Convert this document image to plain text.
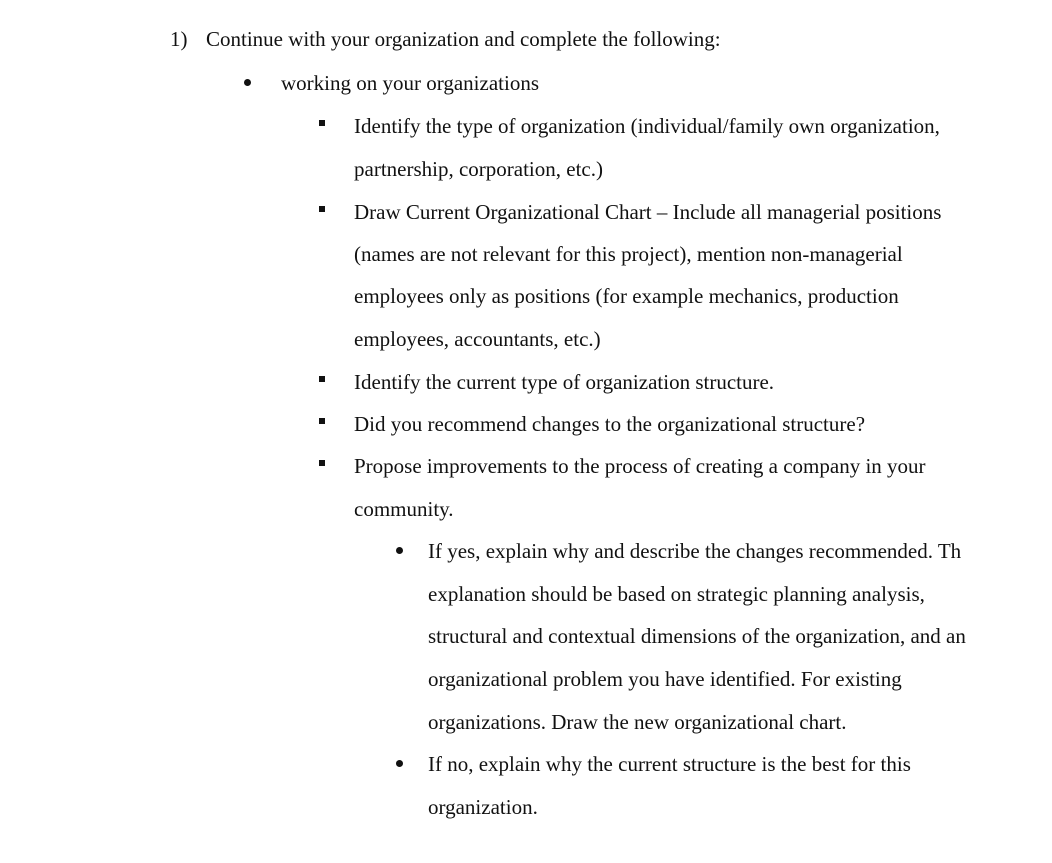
1) Continue with your organization and complete the following:
working on your organizations
Identify the type of organization (individual/family own organization,
partnership, corporation, etc.)
Draw Current Organizational Chart – Include all managerial positions
(names are not relevant for this project), mention non-managerial
employees only as positions (for example mechanics, production
employees, accountants, etc.)
Identify the current type of organization structure.
Did you recommend changes to the organizational structure?
Propose improvements to the process of creating a company in your
community.
If yes, explain why and describe the changes recommended. Th
explanation should be based on strategic planning analysis,
structural and contextual dimensions of the organization, and an
organizational problem you have identified. For existing
organizations. Draw the new organizational chart.
If no, explain why the current structure is the best for this
organization.
